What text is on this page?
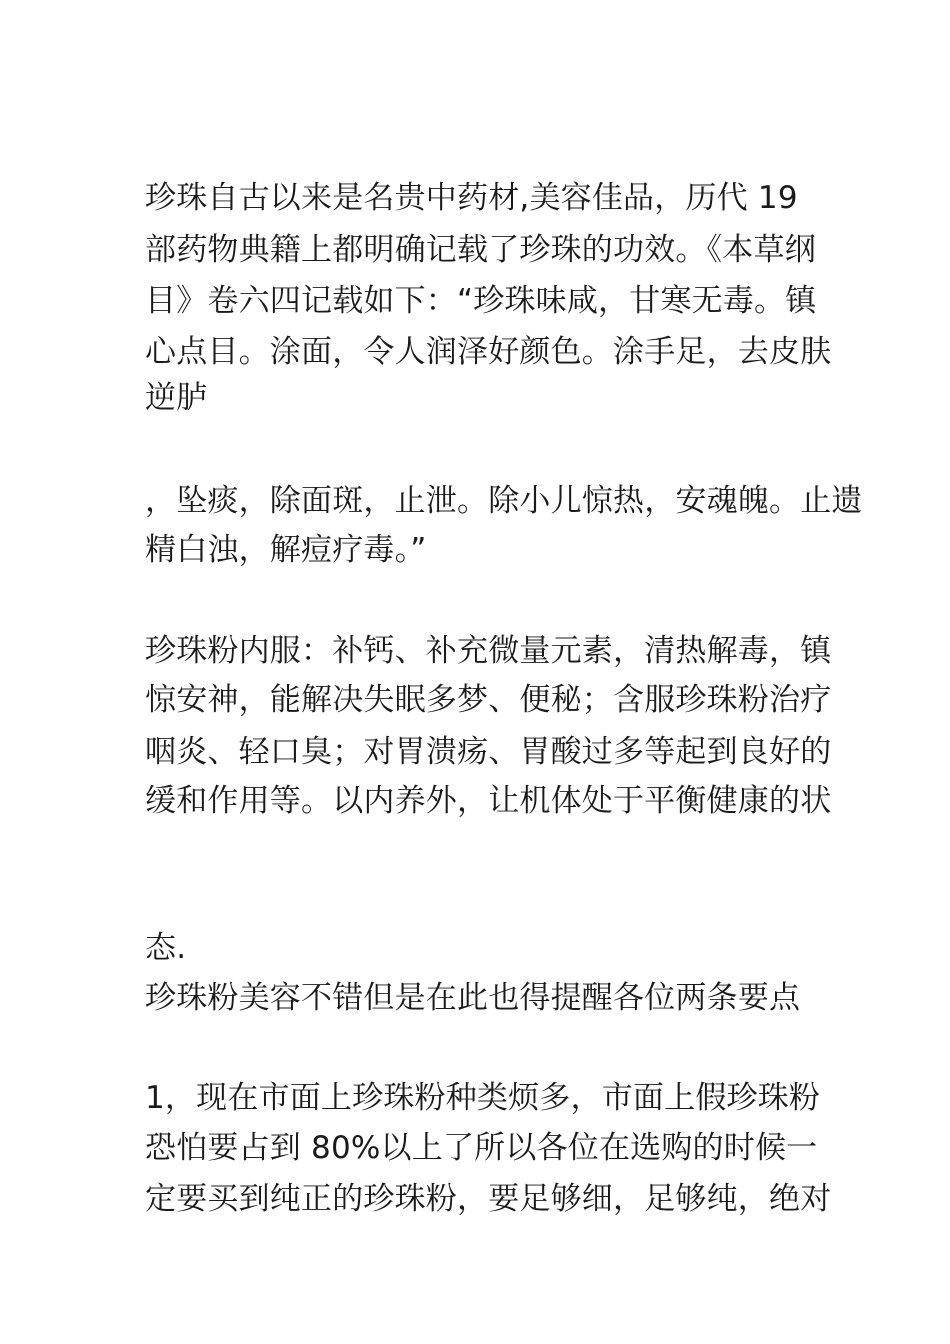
珍珠自古以来是名贵中药材,美容佳品，历代 19
部药物典籍上都明确记载了珍珠的功效。《本草纲
目》卷六四记载如下：“珍珠味咸，甘寒无毒。镇
心点目。涂面，令人润泽好颜色。涂手足，去皮肤
逆胪
，坠痰，除面斑，止泄。除小儿惊热，安魂魄。止遗
精白浊，解痘疗毒。”
珍珠粉内服：补钙、补充微量元素，清热解毒，镇
惊安神，能解决失眠多梦、便秘；含服珍珠粉治疗
咽炎、轻口臭；对胃溃疡、胃酸过多等起到良好的
缓和作用等。以内养外，让机体处于平衡健康的状
态.
珍珠粉美容不错但是在此也得提醒各位两条要点
1，现在市面上珍珠粉种类烦多，市面上假珍珠粉
恐怕要占到 80%以上了所以各位在选购的时候一
定要买到纯正的珍珠粉，要足够细，足够纯，绝对
